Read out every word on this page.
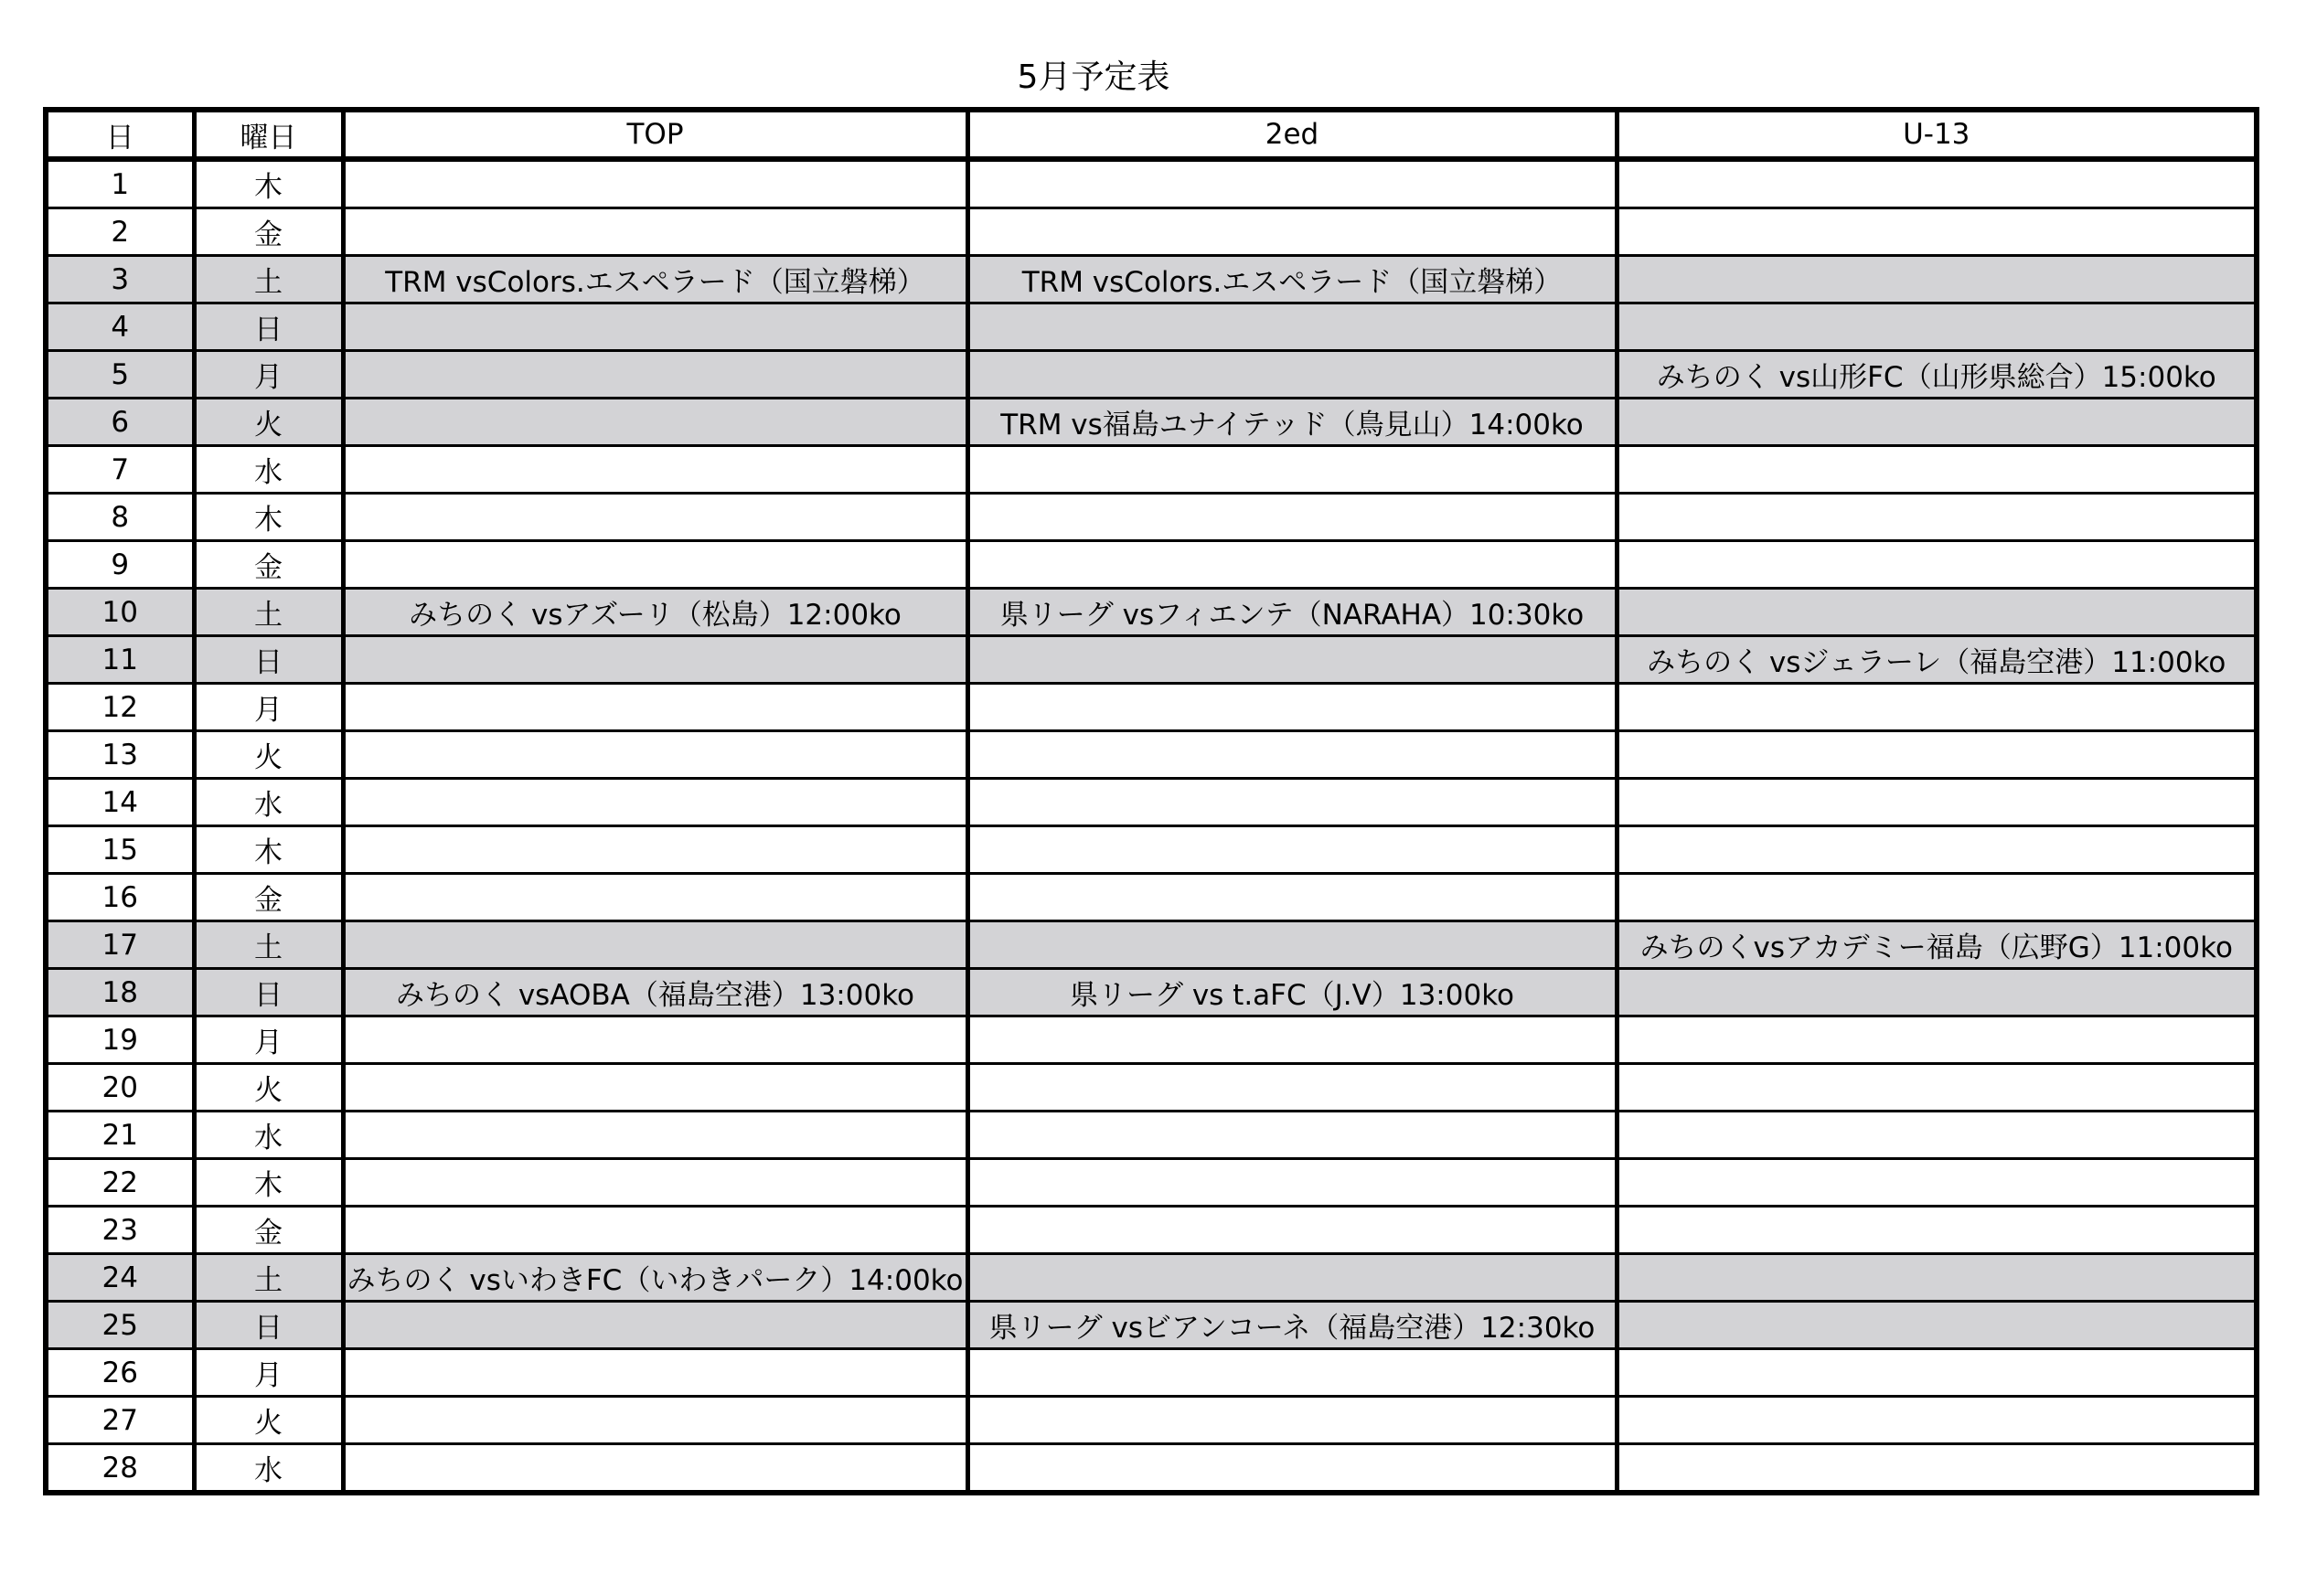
5月予定表
日	曜日	TOP	2ed	U-13
1	木			
2	金			
3	土	TRM vsColors.エスペラード（国立磐梯）	TRM vsColors.エスペラード（国立磐梯）	
4	日			
5	月			みちのく vs山形FC（山形県総合）15:00ko
6	火		TRM vs福島ユナイテッド（鳥見山）14:00ko	
7	水			
8	木			
9	金			
10	土	みちのく vsアズーリ（松島）12:00ko	県リーグ vsフィエンテ（NARAHA）10:30ko	
11	日			みちのく vsジェラーレ（福島空港）11:00ko
12	月			
13	火			
14	水			
15	木			
16	金			
17	土			みちのくvsアカデミー福島（広野G）11:00ko
18	日	みちのく vsAOBA（福島空港）13:00ko	県リーグ vs t.aFC（J.V）13:00ko	
19	月			
20	火			
21	水			
22	木			
23	金			
24	土	みちのく vsいわきFC（いわきパーク）14:00ko		
25	日		県リーグ vsビアンコーネ（福島空港）12:30ko	
26	月			
27	火			
28	水			
